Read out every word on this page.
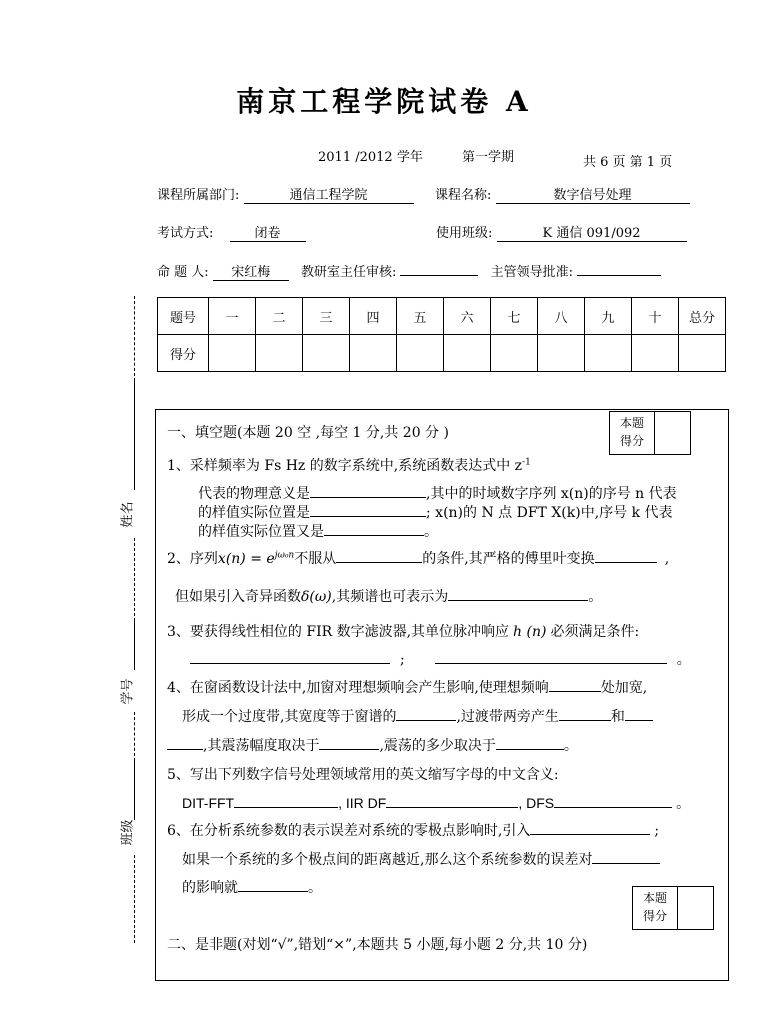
南京工程学院试卷 A
2011 /2012 学年	第一学期	共 6 页 第 1 页
课程所属部门:	通信工程学院	课程名称:	数字信号处理
考试方式:	闭卷	使用班级:	K 通信 091/092
命 题 人: 宋红梅 教研室主任审核:	主管领导批准:
题号	一	二	三	四	五	六	七	八	九	十	总分
得分											
姓名
学号
班级
本题
得分
一、填空题(本题 20 空 ,每空 1 分,共 20 分 )
1、采样频率为 Fs Hz 的数字系统中,系统函数表达式中 $z^{-1}$
代表的物理意义是	,其中的时域数字序列 x(n)的序号 n 代表
的样值实际位置是	; x(n)的 N 点 DFT X(k)中,序号 k 代表
的样值实际位置又是	。
2、序列$x(n) = e^{j\omega_0n}$不服从	的条件,其严格的傅里叶变换	,
但如果引入奇异函数δ(ω),其频谱也可表示为	。
3、要获得线性相位的 FIR 数字滤波器,其单位脉冲响应 h (n) 必须满足条件:
;	。
4、在窗函数设计法中,加窗对理想频响会产生影响,使理想频响	处加宽,
形成一个过度带,其宽度等于窗谱的	,过渡带两旁产生	和
,其震荡幅度取决于	,震荡的多少取决于	。
5、写出下列数字信号处理领域常用的英文缩写字母的中文含义:
DIT-FFT	, IIR DF	, DFS	。
6、在分析系统参数的表示误差对系统的零极点影响时,引入	;
如果一个系统的多个极点间的距离越近,那么这个系统参数的误差对
的影响就	。
本题
得分
二、是非题(对划“√”,错划“×”,本题共 5 小题,每小题 2 分,共 10 分)
